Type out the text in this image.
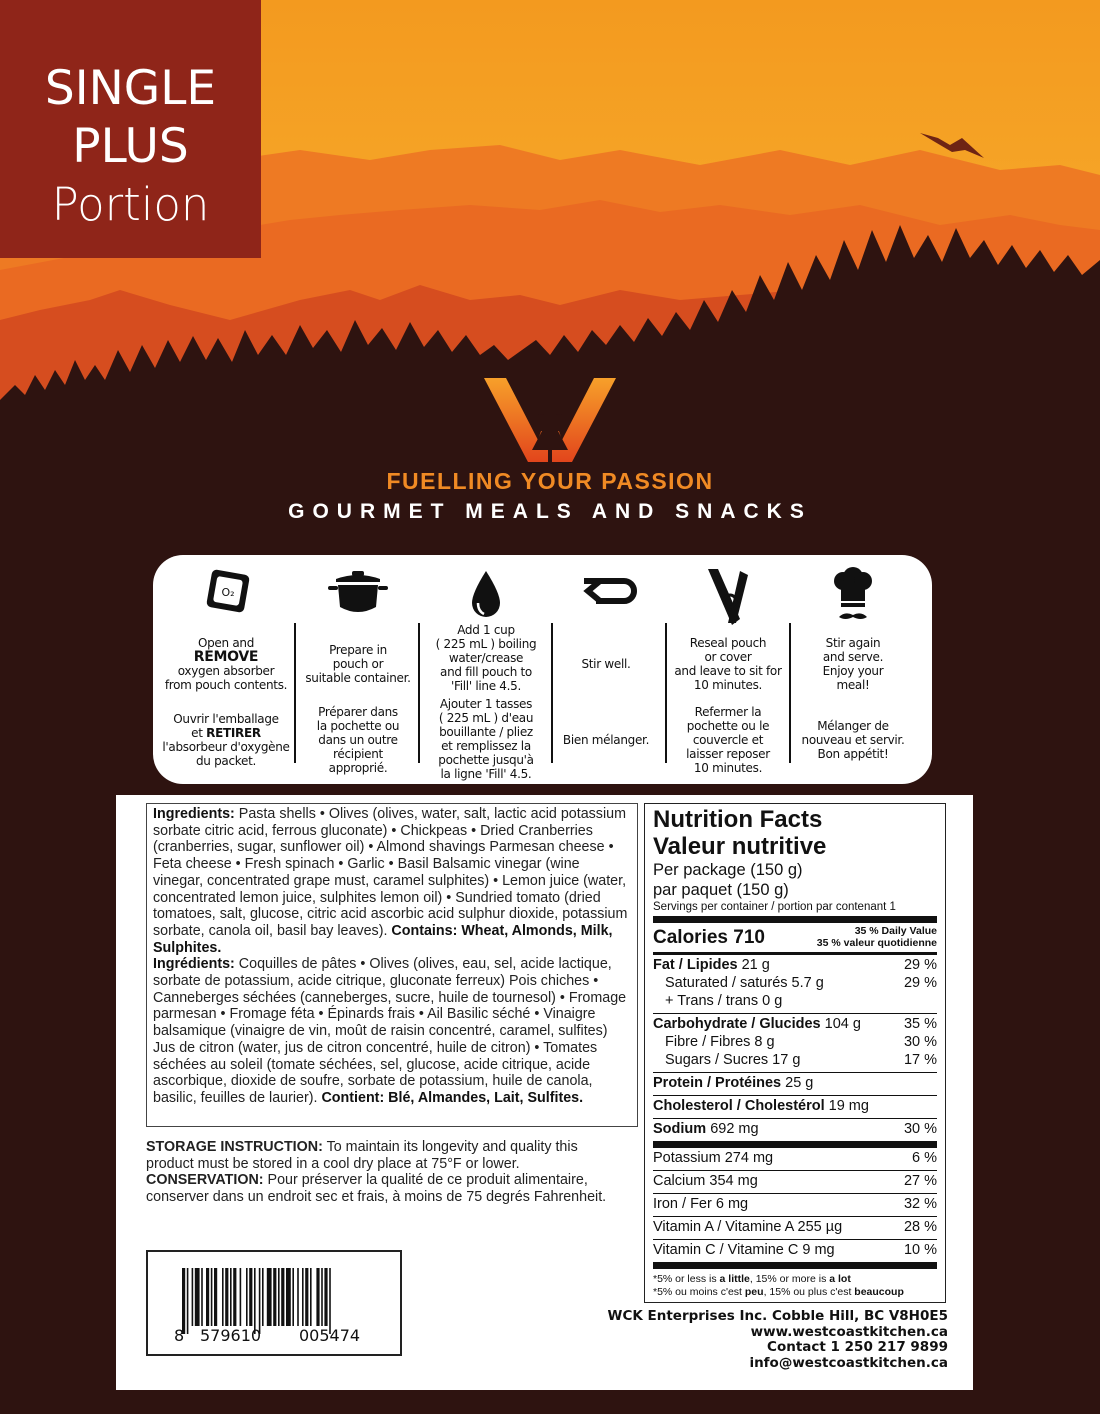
SINGLE
PLUS
Portion
FUELLING YOUR PASSION
GOURMET MEALS AND SNACKS
O₂
Open and
REMOVE
oxygen absorber
from pouch contents.
Ouvrir l'emballage
et RETIRER
l'absorbeur d'oxygène
du packet.
Prepare in
pouch or
suitable container.
Préparer dans
la pochette ou
dans un outre
récipient approprié.
Add 1 cup
( 225 mL ) boiling
water/crease
and fill pouch to
'Fill' line 4.5.
Ajouter 1 tasses
( 225 mL ) d'eau
bouillante / pliez
et remplissez la
pochette jusqu'à
la ligne 'Fill' 4.5.
Stir well.
Bien mélanger.
Reseal pouch
or cover
and leave to sit for
10 minutes.
Refermer la
pochette ou le
couvercle et
laisser reposer
10 minutes.
Stir again
and serve.
Enjoy your
meal!
Mélanger de
nouveau et servir.
Bon appétit!
Ingredients: Pasta shells • Olives (olives, water, salt, lactic acid potassium sorbate citric acid, ferrous gluconate) • Chickpeas • Dried Cranberries (cranberries, sugar, sunflower oil) • Almond shavings Parmesan cheese • Feta cheese • Fresh spinach • Garlic • Basil Balsamic vinegar (wine vinegar, concentrated grape must, caramel sulphites) • Lemon juice (water, concentrated lemon juice, sulphites lemon oil) • Sundried tomato (dried tomatoes, salt, glucose, citric acid ascorbic acid sulphur dioxide, potassium sorbate, canola oil, basil bay leaves). Contains: Wheat, Almonds, Milk, Sulphites.
Ingrédients: Coquilles de pâtes • Olives (olives, eau, sel, acide lactique, sorbate de potassium, acide citrique, gluconate ferreux) Pois chiches • Canneberges séchées (canneberges, sucre, huile de tournesol) • Fromage parmesan • Fromage féta • Épinards frais • Ail Basilic séché • Vinaigre balsamique (vinaigre de vin, moût de raisin concentré, caramel, sulfites) Jus de citron (water, jus de citron concentré, huile de citron) • Tomates séchées au soleil (tomate séchées, sel, glucose, acide citrique, acide ascorbique, dioxide de soufre, sorbate de potassium, huile de canola, basilic, feuilles de laurier). Contient: Blé, Almandes, Lait, Sulfites.
STORAGE INSTRUCTION: To maintain its longevity and quality this product must be stored in a cool dry place at 75°F or lower.
CONSERVATION: Pour préserver la qualité de ce produit alimentaire, conserver dans un endroit sec et frais, à moins de 75 degrés Fahrenheit.
8 579610 005474
Nutrition Facts
Valeur nutritive
Per package (150 g)
par paquet (150 g)
Servings per container / portion par contenant 1
Calories 710	35 % Daily Value
35 % valeur quotidienne
Fat / Lipides 21 g	29 %
Saturated / saturés 5.7 g	29 %
+ Trans / trans 0 g
Carbohydrate / Glucides 104 g	35 %
Fibre / Fibres 8 g	30 %
Sugars / Sucres 17 g	17 %
Protein / Protéines 25 g
Cholesterol / Cholestérol 19 mg
Sodium 692 mg	30 %
Potassium 274 mg	6 %
Calcium 354 mg	27 %
Iron / Fer 6 mg	32 %
Vitamin A / Vitamine A 255 µg	28 %
Vitamin C / Vitamine C 9 mg	10 %
*5% or less is a little, 15% or more is a lot
*5% ou moins c'est peu, 15% ou plus c'est beaucoup
WCK Enterprises Inc. Cobble Hill, BC V8H0E5
www.westcoastkitchen.ca
Contact 1 250 217 9899
info@westcoastkitchen.ca
